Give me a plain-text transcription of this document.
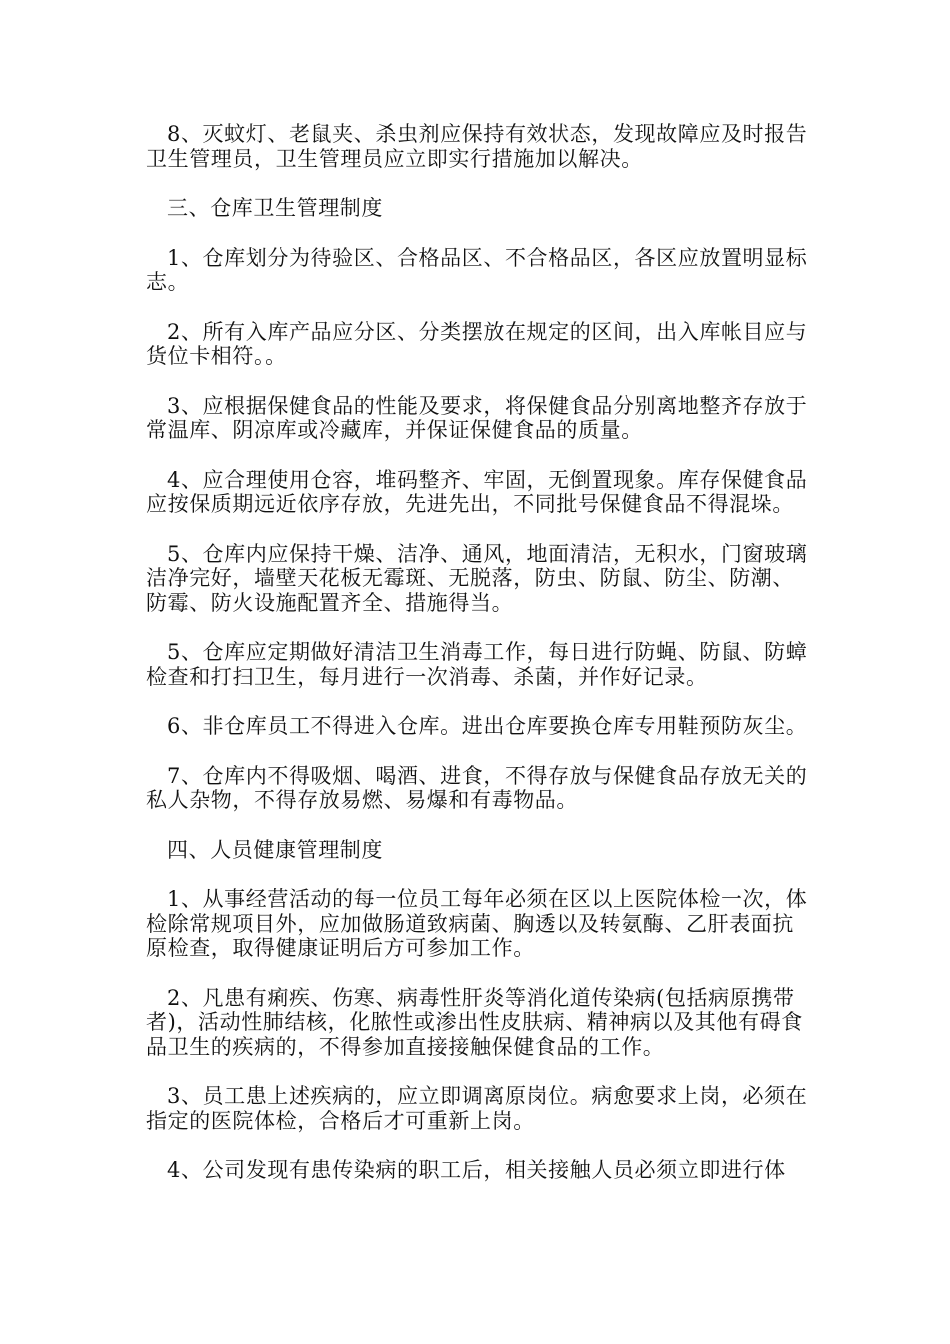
8、灭蚊灯、老鼠夹、杀虫剂应保持有效状态，发现故障应及时报告卫生管理员，卫生管理员应立即实行措施加以解决。

三、仓库卫生管理制度

1、仓库划分为待验区、合格品区、不合格品区，各区应放置明显标志。

2、所有入库产品应分区、分类摆放在规定的区间，出入库帐目应与货位卡相符。。

3、应根据保健食品的性能及要求，将保健食品分别离地整齐存放于常温库、阴凉库或冷藏库，并保证保健食品的质量。

4、应合理使用仓容，堆码整齐、牢固，无倒置现象。库存保健食品应按保质期远近依序存放，先进先出，不同批号保健食品不得混垛。

5、仓库内应保持干燥、洁净、通风，地面清洁，无积水，门窗玻璃洁净完好，墙壁天花板无霉斑、无脱落，防虫、防鼠、防尘、防潮、防霉、防火设施配置齐全、措施得当。

5、仓库应定期做好清洁卫生消毒工作，每日进行防蝇、防鼠、防蟑检查和打扫卫生，每月进行一次消毒、杀菌，并作好记录。

6、非仓库员工不得进入仓库。进出仓库要换仓库专用鞋预防灰尘。

7、仓库内不得吸烟、喝酒、进食，不得存放与保健食品存放无关的私人杂物，不得存放易燃、易爆和有毒物品。

四、人员健康管理制度

1、从事经营活动的每一位员工每年必须在区以上医院体检一次，体检除常规项目外，应加做肠道致病菌、胸透以及转氨酶、乙肝表面抗原检查，取得健康证明后方可参加工作。

2、凡患有痢疾、伤寒、病毒性肝炎等消化道传染病(包括病原携带者)，活动性肺结核，化脓性或渗出性皮肤病、精神病以及其他有碍食品卫生的疾病的，不得参加直接接触保健食品的工作。

3、员工患上述疾病的，应立即调离原岗位。病愈要求上岗，必须在指定的医院体检，合格后才可重新上岗。

4、公司发现有患传染病的职工后，相关接触人员必须立即进行体
